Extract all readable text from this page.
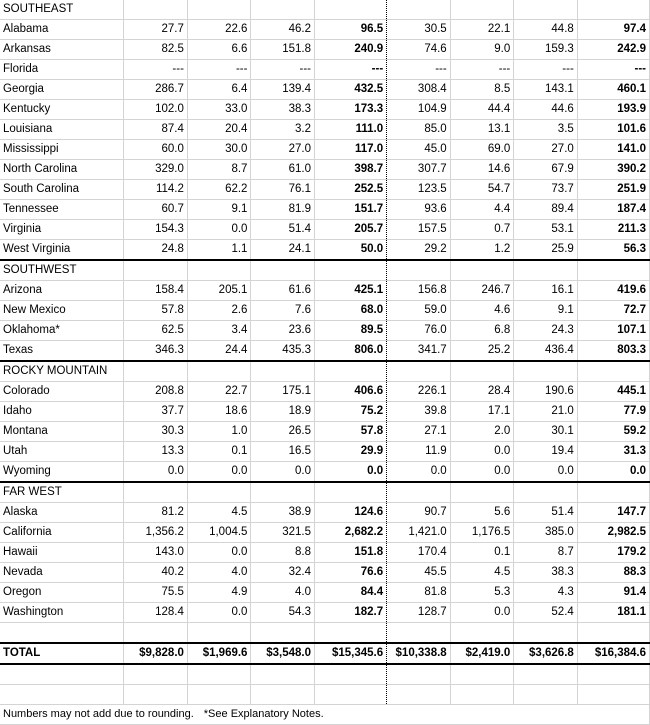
SOUTHEAST								
Alabama	27.7	22.6	46.2	96.5	30.5	22.1	44.8	97.4
Arkansas	82.5	6.6	151.8	240.9	74.6	9.0	159.3	242.9
Florida	---	---	---	---	---	---	---	---
Georgia	286.7	6.4	139.4	432.5	308.4	8.5	143.1	460.1
Kentucky	102.0	33.0	38.3	173.3	104.9	44.4	44.6	193.9
Louisiana	87.4	20.4	3.2	111.0	85.0	13.1	3.5	101.6
Mississippi	60.0	30.0	27.0	117.0	45.0	69.0	27.0	141.0
North Carolina	329.0	8.7	61.0	398.7	307.7	14.6	67.9	390.2
South Carolina	114.2	62.2	76.1	252.5	123.5	54.7	73.7	251.9
Tennessee	60.7	9.1	81.9	151.7	93.6	4.4	89.4	187.4
Virginia	154.3	0.0	51.4	205.7	157.5	0.7	53.1	211.3
West Virginia	24.8	1.1	24.1	50.0	29.2	1.2	25.9	56.3
SOUTHWEST								
Arizona	158.4	205.1	61.6	425.1	156.8	246.7	16.1	419.6
New Mexico	57.8	2.6	7.6	68.0	59.0	4.6	9.1	72.7
Oklahoma*	62.5	3.4	23.6	89.5	76.0	6.8	24.3	107.1
Texas	346.3	24.4	435.3	806.0	341.7	25.2	436.4	803.3
ROCKY MOUNTAIN								
Colorado	208.8	22.7	175.1	406.6	226.1	28.4	190.6	445.1
Idaho	37.7	18.6	18.9	75.2	39.8	17.1	21.0	77.9
Montana	30.3	1.0	26.5	57.8	27.1	2.0	30.1	59.2
Utah	13.3	0.1	16.5	29.9	11.9	0.0	19.4	31.3
Wyoming	0.0	0.0	0.0	0.0	0.0	0.0	0.0	0.0
FAR WEST								
Alaska	81.2	4.5	38.9	124.6	90.7	5.6	51.4	147.7
California	1,356.2	1,004.5	321.5	2,682.2	1,421.0	1,176.5	385.0	2,982.5
Hawaii	143.0	0.0	8.8	151.8	170.4	0.1	8.7	179.2
Nevada	40.2	4.0	32.4	76.6	45.5	4.5	38.3	88.3
Oregon	75.5	4.9	4.0	84.4	81.8	5.3	4.3	91.4
Washington	128.4	0.0	54.3	182.7	128.7	0.0	52.4	181.1

TOTAL	$9,828.0	$1,969.6	$3,548.0	$15,345.6	$10,338.8	$2,419.0	$3,626.8	$16,384.6

Numbers may not add due to rounding. *See Explanatory Notes.								
